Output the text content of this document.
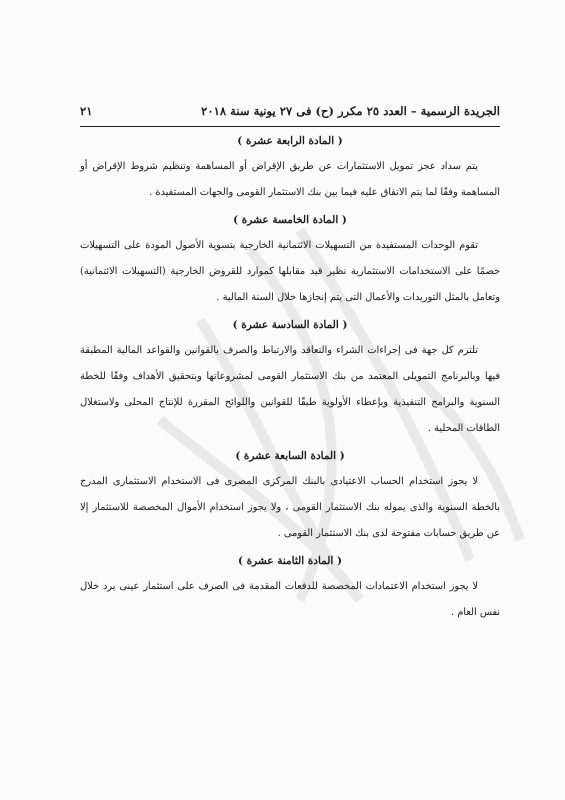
الجريدة الرسمية – العدد ٢٥ مكرر (ح) فى ٢٧ يونية سنة ٢٠١٨
٢١
( المادة الرابعة عشرة )
يتم سداد عجز تمويل الاستثمارات عن طريق الإقراض أو المساهمة وتنظيم شروط الإقراض أو المساهمة وفقًا لما يتم الاتفاق عليه فيما بين بنك الاستثمار القومى والجهات المستفيدة .
( المادة الخامسة عشرة )
تقوم الوحدات المستفيدة من التسهيلات الائتمانية الخارجية بتسوية الأصول المودة على التسهيلات خصمًا على الاستخدامات الاستثمارية نظير قيد مقابلها كموارد للقروض الخارجية (التسهيلات الائتمانية) وتعامل بالمثل التوريدات والأعمال التى يتم إنجازها خلال السنة المالية .
( المادة السادسة عشرة )
تلتزم كل جهة فى إجراءات الشراء والتعاقد والارتباط والصرف بالقوانين والقواعد المالية المطبقة فيها وبالبرنامج التمويلى المعتمد من بنك الاستثمار القومى لمشروعاتها وبتحقيق الأهداف وفقًا للخطة السنوية والبرامج التنفيذية وبإعطاء الأولوية طبقًا للقوانين واللوائح المقررة للإنتاج المحلى ولاستغلال الطاقات المحلية .
( المادة السابعة عشرة )
لا يجوز استخدام الحساب الاعتيادى بالبنك المركزى المصرى فى الاستخدام الاستثمارى المدرج بالخطة السنوية والذى يموله بنك الاستثمار القومى ، ولا يجوز استخدام الأموال المخصصة للاستثمار إلا عن طريق حسابات مفتوحة لدى بنك الاستثمار القومى .
( المادة الثامنة عشرة )
لا يجوز استخدام الاعتمادات المخصصة للدفعات المقدمة فى الصرف على استثمار عينى يرد خلال نفس العام .
